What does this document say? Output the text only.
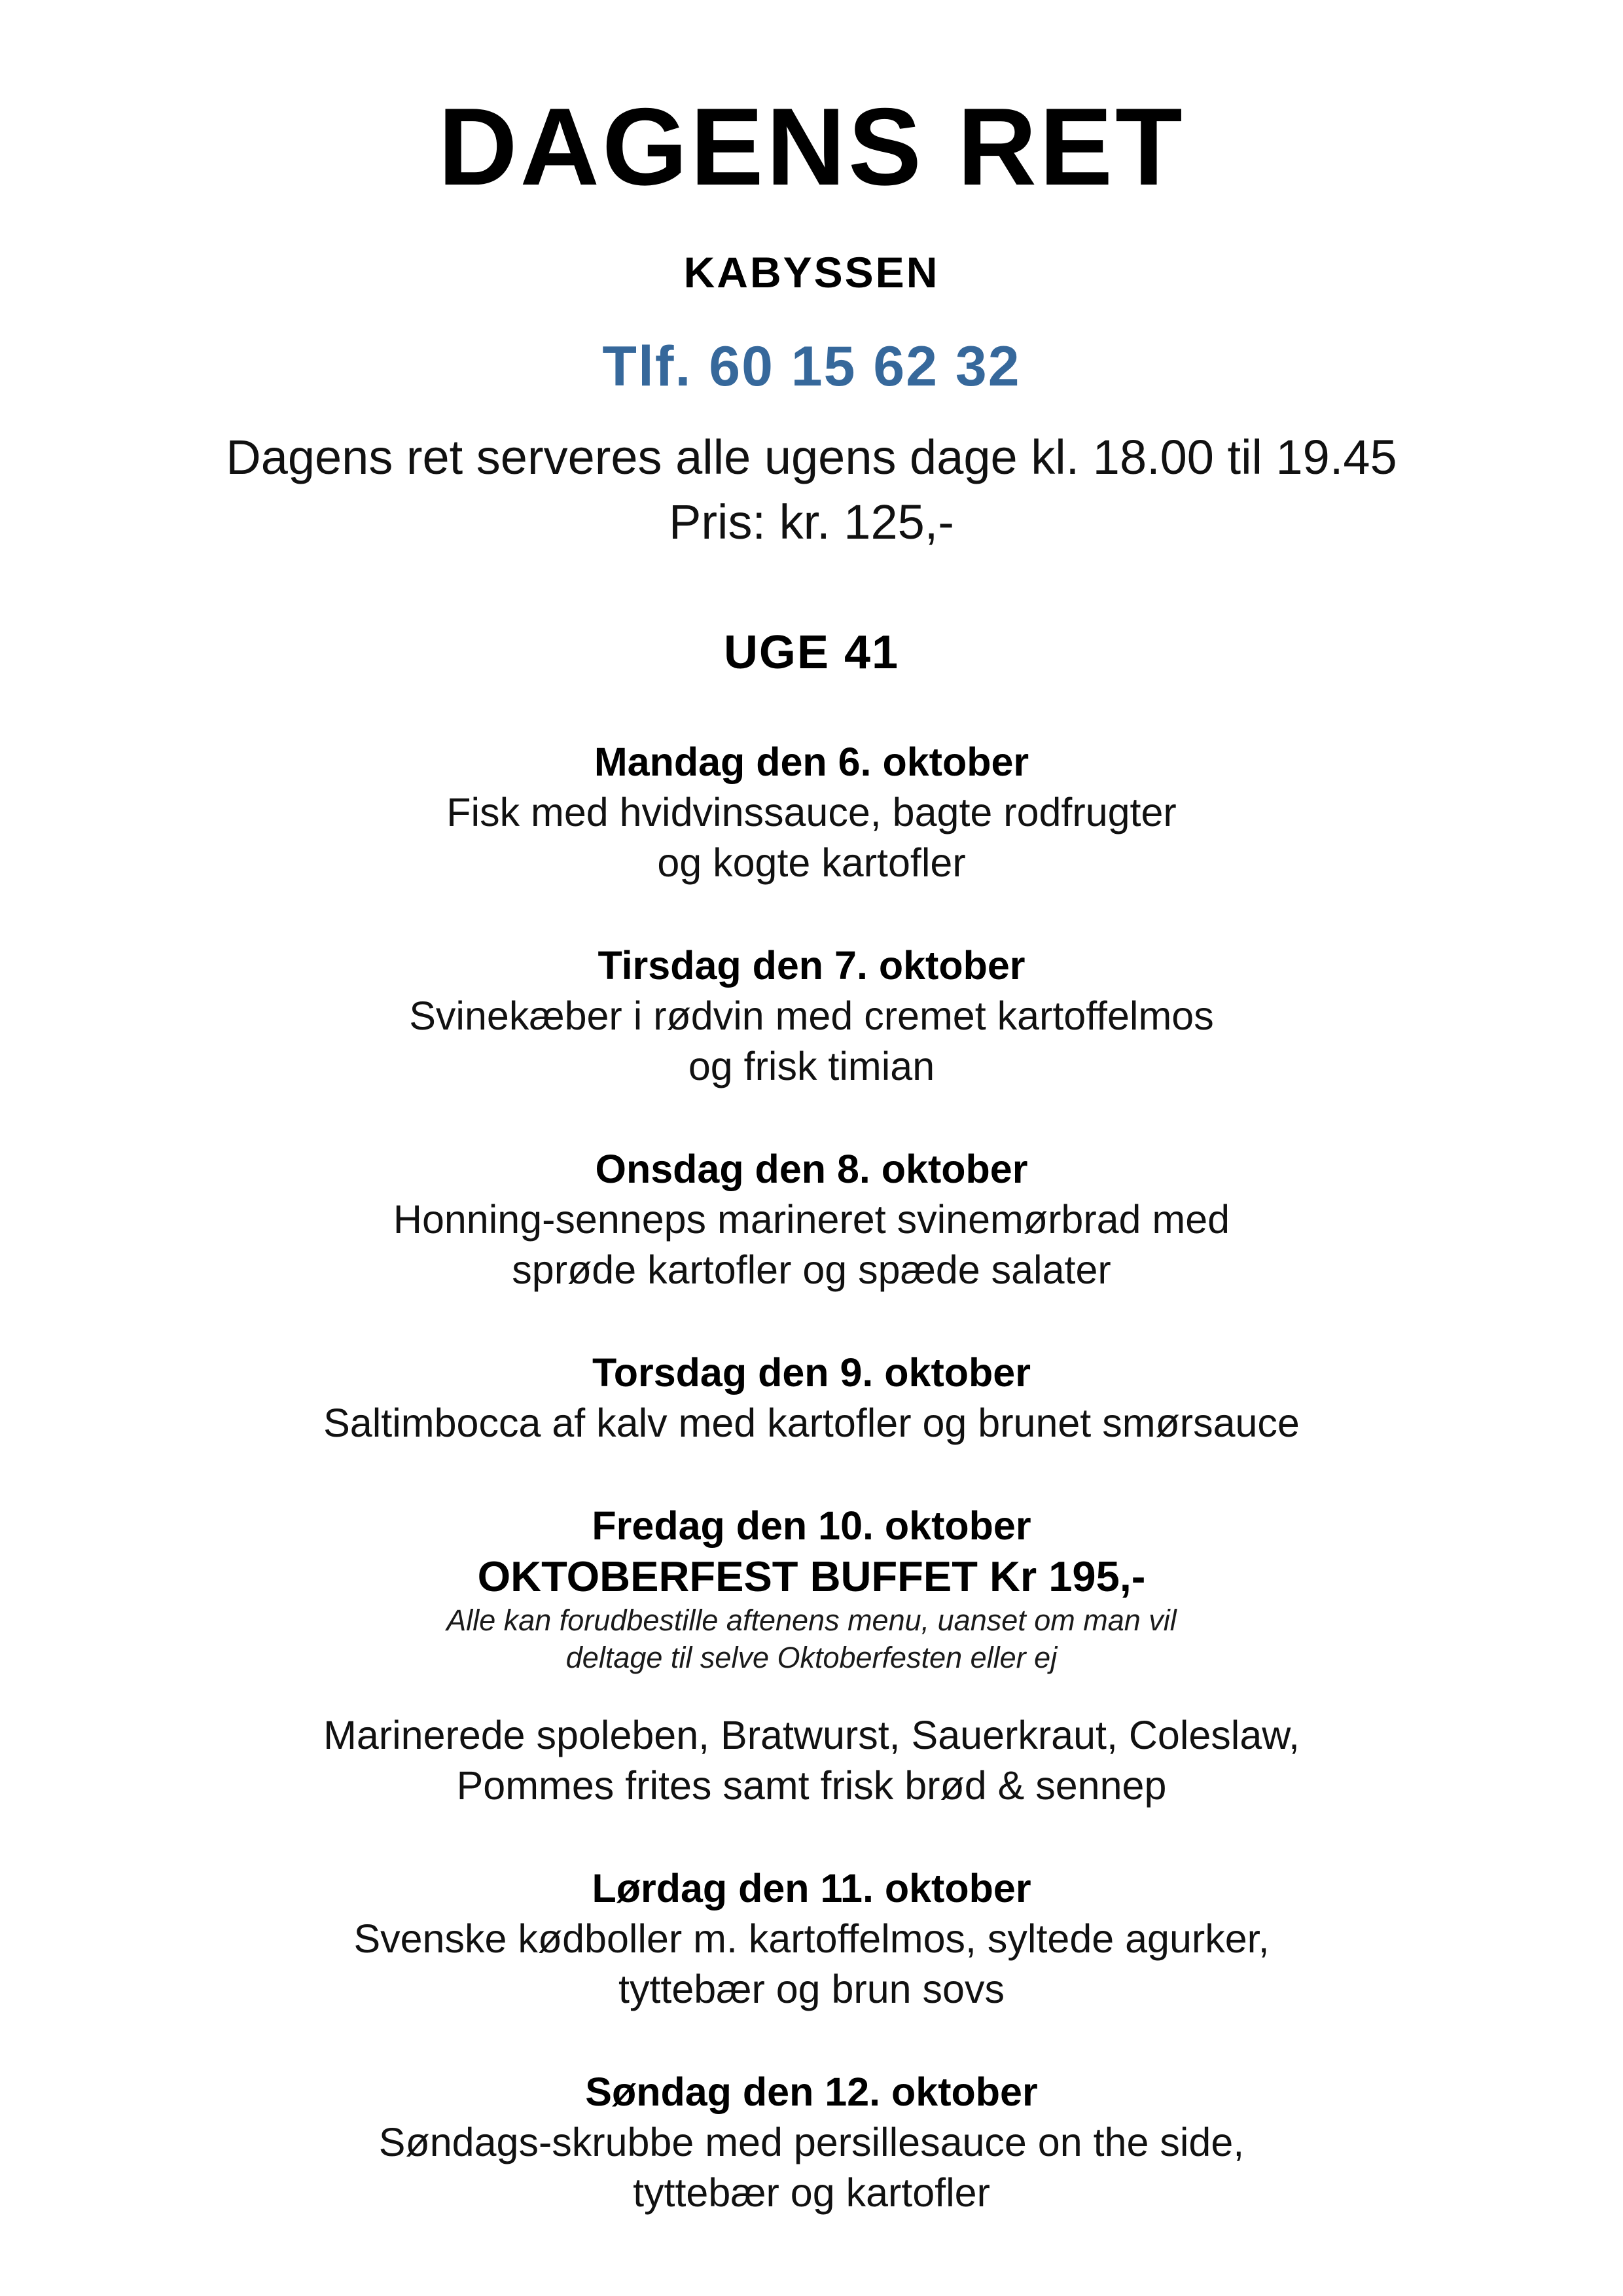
DAGENS RET
KABYSSEN
Tlf. 60 15 62 32
Dagens ret serveres alle ugens dage kl. 18.00 til 19.45
Pris: kr. 125,-
UGE 41
Mandag den 6. oktober
Fisk med hvidvinssauce, bagte rodfrugter
og kogte kartofler
Tirsdag den 7. oktober
Svinekæber i rødvin med cremet kartoffelmos
og frisk timian
Onsdag den 8. oktober
Honning-senneps marineret svinemørbrad med
sprøde kartofler og spæde salater
Torsdag den 9. oktober
Saltimbocca af kalv med kartofler og brunet smørsauce
Fredag den 10. oktober
OKTOBERFEST BUFFET Kr 195,-
Alle kan forudbestille aftenens menu, uanset om man vil
deltage til selve Oktoberfesten eller ej
Marinerede spoleben, Bratwurst, Sauerkraut, Coleslaw,
Pommes frites samt frisk brød & sennep
Lørdag den 11. oktober
Svenske kødboller m. kartoffelmos, syltede agurker,
tyttebær og brun sovs
Søndag den 12. oktober
Søndags-skrubbe med persillesauce on the side,
tyttebær og kartofler
